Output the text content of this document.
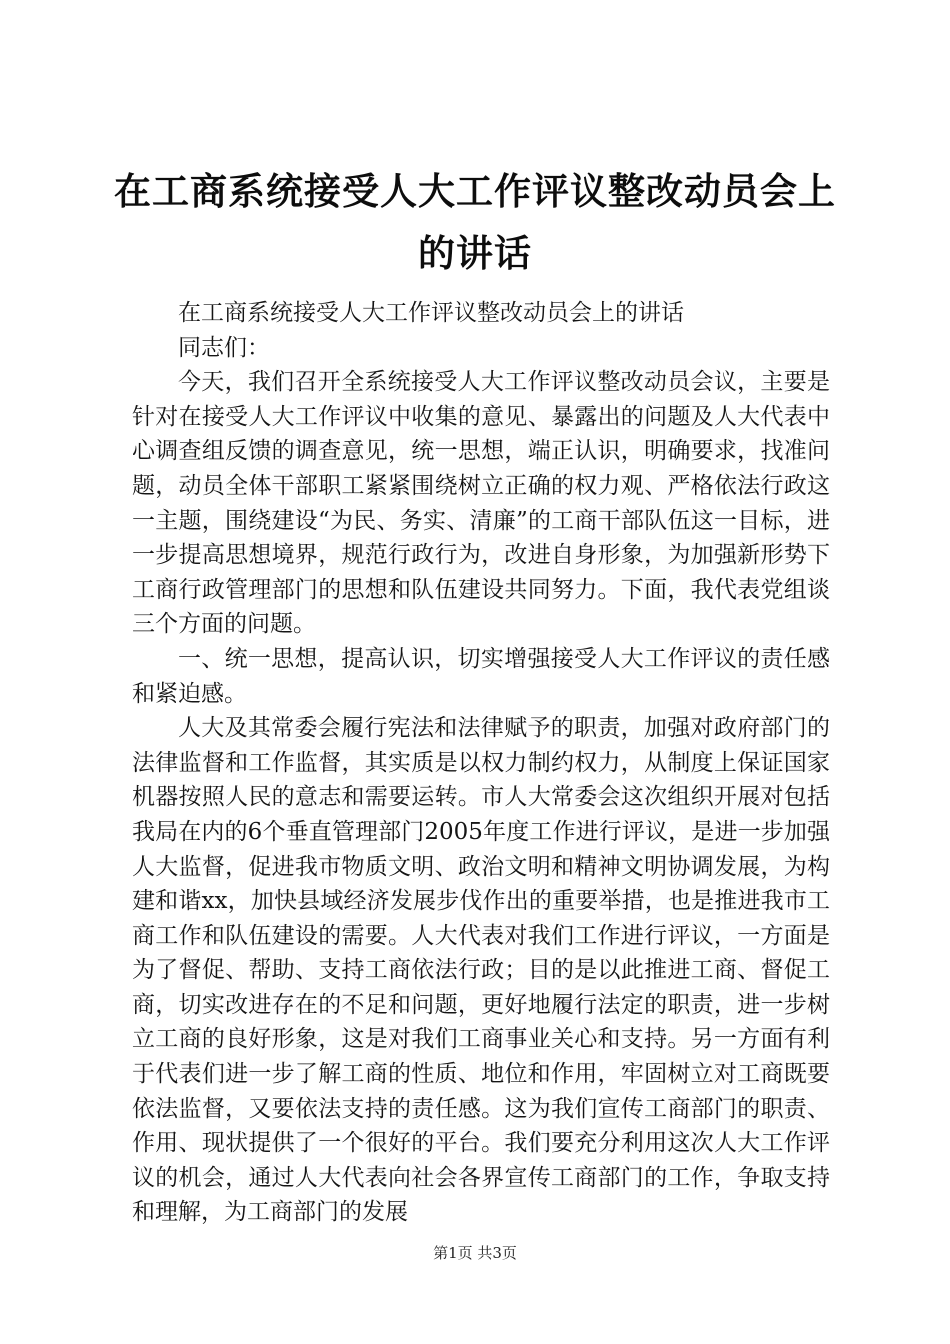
在工商系统接受人大工作评议整改动员会上的讲话

在工商系统接受人大工作评议整改动员会上的讲话

同志们：

今天，我们召开全系统接受人大工作评议整改动员会议，主要是针对在接受人大工作评议中收集的意见、暴露出的问题及人大代表中心调查组反馈的调查意见，统一思想，端正认识，明确要求，找准问题，动员全体干部职工紧紧围绕树立正确的权力观、严格依法行政这一主题，围绕建设“为民、务实、清廉”的工商干部队伍这一目标，进一步提高思想境界，规范行政行为，改进自身形象，为加强新形势下工商行政管理部门的思想和队伍建设共同努力。下面，我代表党组谈三个方面的问题。

一、统一思想，提高认识，切实增强接受人大工作评议的责任感和紧迫感。

人大及其常委会履行宪法和法律赋予的职责，加强对政府部门的法律监督和工作监督，其实质是以权力制约权力，从制度上保证国家机器按照人民的意志和需要运转。市人大常委会这次组织开展对包括我局在内的6个垂直管理部门2005年度工作进行评议，是进一步加强人大监督，促进我市物质文明、政治文明和精神文明协调发展，为构建和谐xx，加快县域经济发展步伐作出的重要举措，也是推进我市工商工作和队伍建设的需要。人大代表对我们工作进行评议，一方面是为了督促、帮助、支持工商依法行政；目的是以此推进工商、督促工商，切实改进存在的不足和问题，更好地履行法定的职责，进一步树立工商的良好形象，这是对我们工商事业关心和支持。另一方面有利于代表们进一步了解工商的性质、地位和作用，牢固树立对工商既要依法监督，又要依法支持的责任感。这为我们宣传工商部门的职责、作用、现状提供了一个很好的平台。我们要充分利用这次人大工作评议的机会，通过人大代表向社会各界宣传工商部门的工作，争取支持和理解，为工商部门的发展

第1页 共3页
